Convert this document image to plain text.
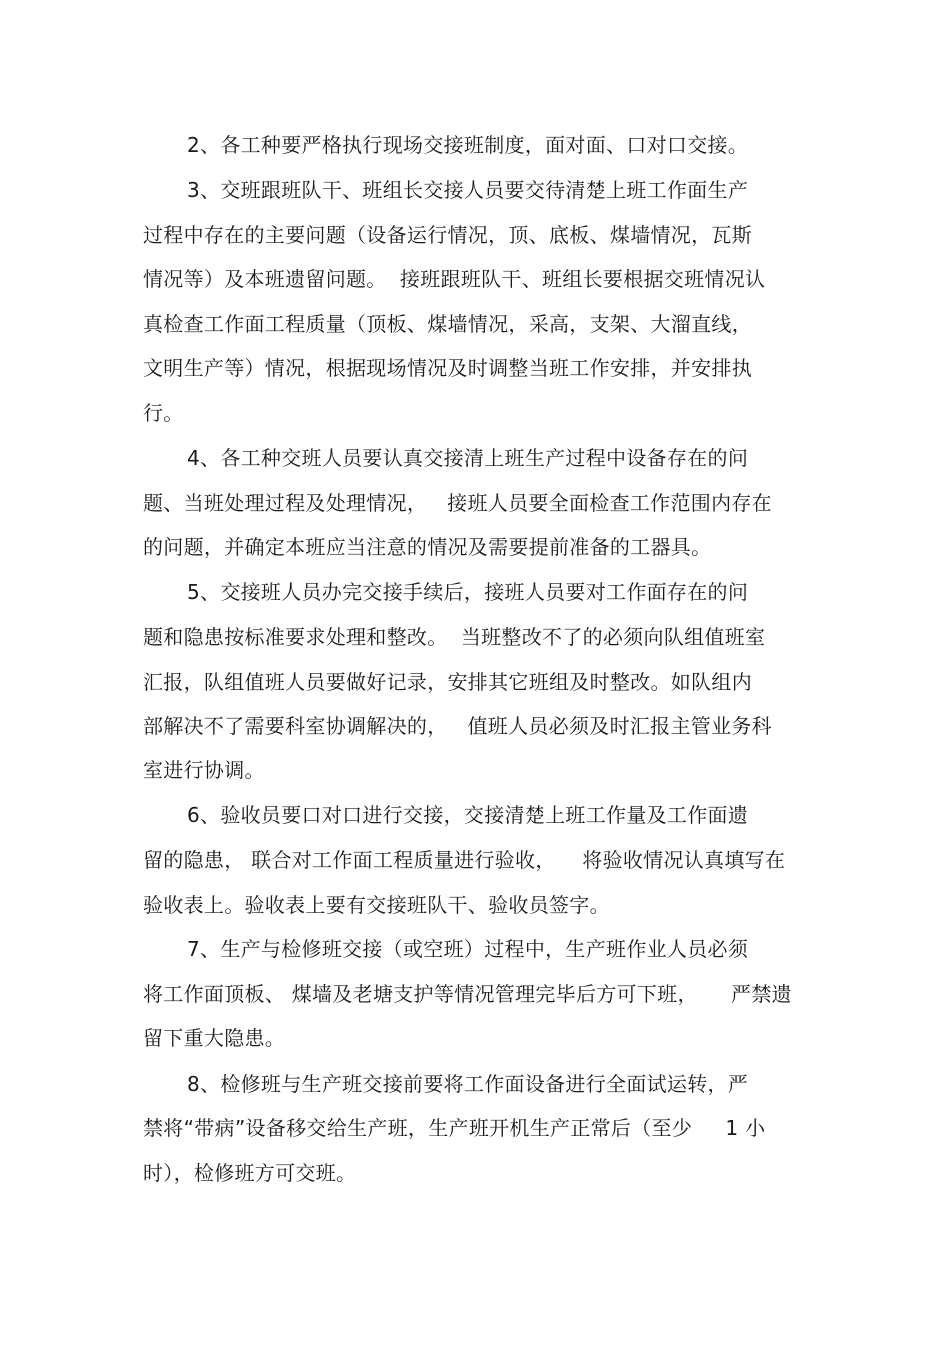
2、各工种要严格执行现场交接班制度，面对面、口对口交接。
3、交班跟班队干、班组长交接人员要交待清楚上班工作面生产
过程中存在的主要问题（设备运行情况，顶、底板、煤墙情况，瓦斯
情况等）及本班遗留问题。  接班跟班队干、班组长要根据交班情况认
真检查工作面工程质量（顶板、煤墙情况，采高，支架、大溜直线，
文明生产等）情况，根据现场情况及时调整当班工作安排，并安排执
行。
4、各工种交班人员要认真交接清上班生产过程中设备存在的问
题、当班处理过程及处理情况，   接班人员要全面检查工作范围内存在
的问题，并确定本班应当注意的情况及需要提前准备的工器具。
5、交接班人员办完交接手续后，接班人员要对工作面存在的问
题和隐患按标准要求处理和整改。  当班整改不了的必须向队组值班室
汇报，队组值班人员要做好记录，安排其它班组及时整改。如队组内
部解决不了需要科室协调解决的，   值班人员必须及时汇报主管业务科
室进行协调。
6、验收员要口对口进行交接，交接清楚上班工作量及工作面遗
留的隐患， 联合对工作面工程质量进行验收，    将验收情况认真填写在
验收表上。验收表上要有交接班队干、验收员签字。
7、生产与检修班交接（或空班）过程中，生产班作业人员必须
将工作面顶板、 煤墙及老塘支护等情况管理完毕后方可下班，     严禁遗
留下重大隐患。
8、检修班与生产班交接前要将工作面设备进行全面试运转，严
禁将“带病”设备移交给生产班，生产班开机生产正常后（至少     1 小
时），检修班方可交班。
